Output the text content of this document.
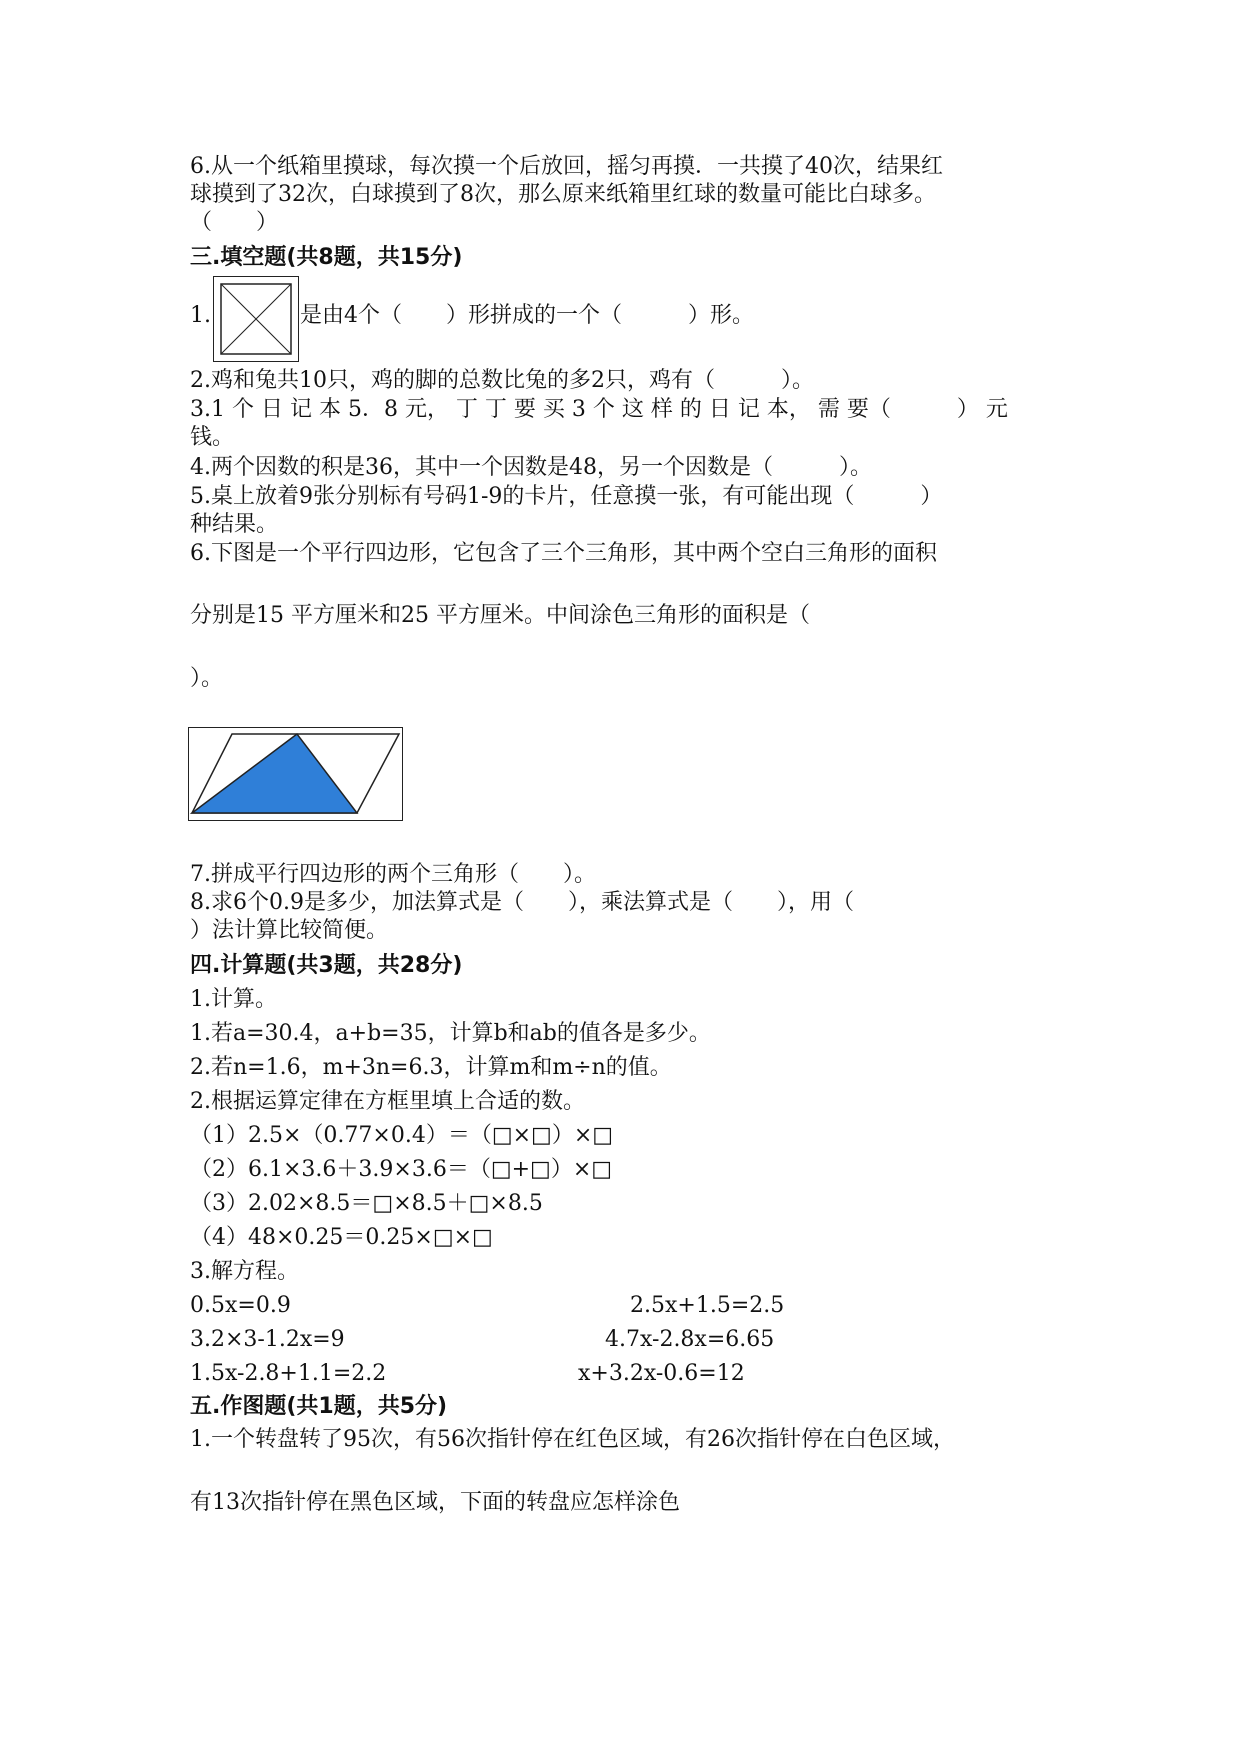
6.从一个纸箱里摸球，每次摸一个后放回，摇匀再摸．一共摸了40次，结果红
球摸到了32次，白球摸到了8次，那么原来纸箱里红球的数量可能比白球多。
（　　）
三.填空题(共8题，共15分)
1.	是由4个（　　）形拼成的一个（　　　）形。
2.鸡和兔共10只，鸡的脚的总数比兔的多2只，鸡有（　　　）。
3.1 个 日 记 本 5．8 元， 丁 丁 要 买 3 个 这 样 的 日 记 本， 需 要（　　　） 元
钱。
4.两个因数的积是36，其中一个因数是48，另一个因数是（　　　）。
5.桌上放着9张分别标有号码1-9的卡片，任意摸一张，有可能出现（　　　）
种结果。
6.下图是一个平行四边形，它包含了三个三角形，其中两个空白三角形的面积
分别是15 平方厘米和25 平方厘米。中间涂色三角形的面积是（
）。
7.拼成平行四边形的两个三角形（　　）。
8.求6个0.9是多少，加法算式是（　　），乘法算式是（　　），用（
）法计算比较简便。
四.计算题(共3题，共28分)
1.计算。
1.若a=30.4，a+b=35，计算b和ab的值各是多少。
2.若n=1.6，m+3n=6.3，计算m和m÷n的值。
2.根据运算定律在方框里填上合适的数。
（1）2.5×（0.77×0.4）＝（□×□）×□
（2）6.1×3.6＋3.9×3.6＝（□+□）×□
（3）2.02×8.5＝□×8.5＋□×8.5
（4）48×0.25＝0.25×□×□
3.解方程。
0.5x=0.9	2.5x+1.5=2.5
3.2×3-1.2x=9	4.7x-2.8x=6.65
1.5x-2.8+1.1=2.2	x+3.2x-0.6=12
五.作图题(共1题，共5分)
1.一个转盘转了95次，有56次指针停在红色区域，有26次指针停在白色区域，
有13次指针停在黑色区域，下面的转盘应怎样涂色
